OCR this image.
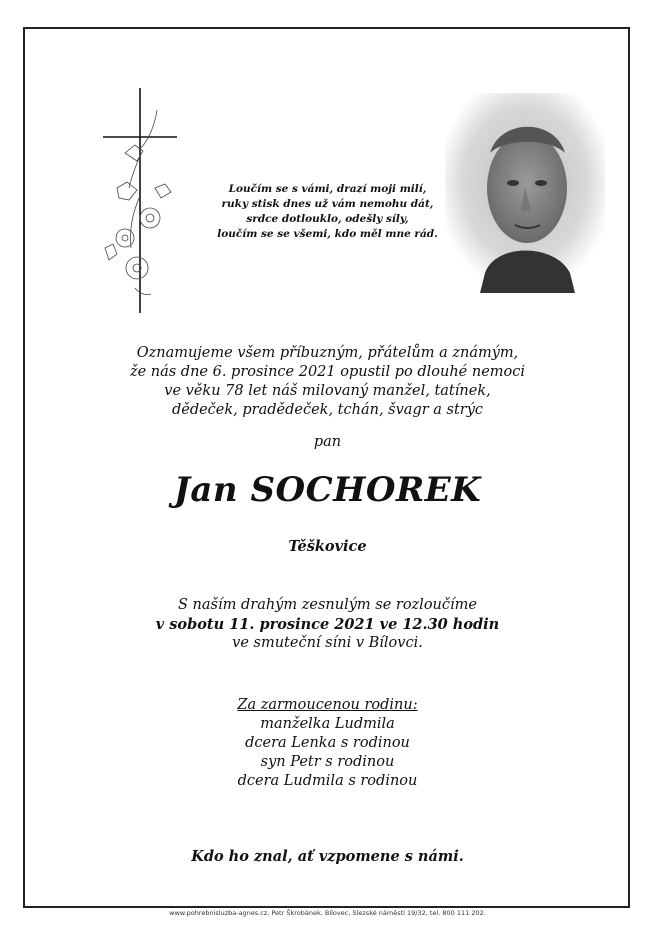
Loučím se s vámi, drazí moji milí,
ruky stisk dnes už vám nemohu dát,
srdce dotlouklo, odešly síly,
loučím se se všemi, kdo měl mne rád.
Oznamujeme všem příbuzným, přátelům a známým,
že nás dne 6. prosince 2021 opustil po dlouhé nemoci
ve věku 78 let náš milovaný manžel, tatínek,
dědeček, pradědeček, tchán, švagr a strýc
pan
Jan SOCHOREK
Těškovice
S naším drahým zesnulým se rozloučíme
v sobotu 11. prosince 2021 ve 12.30 hodin
ve smuteční síni v Bílovci.
Za zarmoucenou rodinu:
manželka Ludmila
dcera Lenka s rodinou
syn Petr s rodinou
dcera Ludmila s rodinou
Kdo ho znal, ať vzpomene s námi.
www.pohrebnisluzba-agnes.cz, Petr Škrobánek, Bílovec, Slezské náměstí 19/32, tel. 800 111 202.
